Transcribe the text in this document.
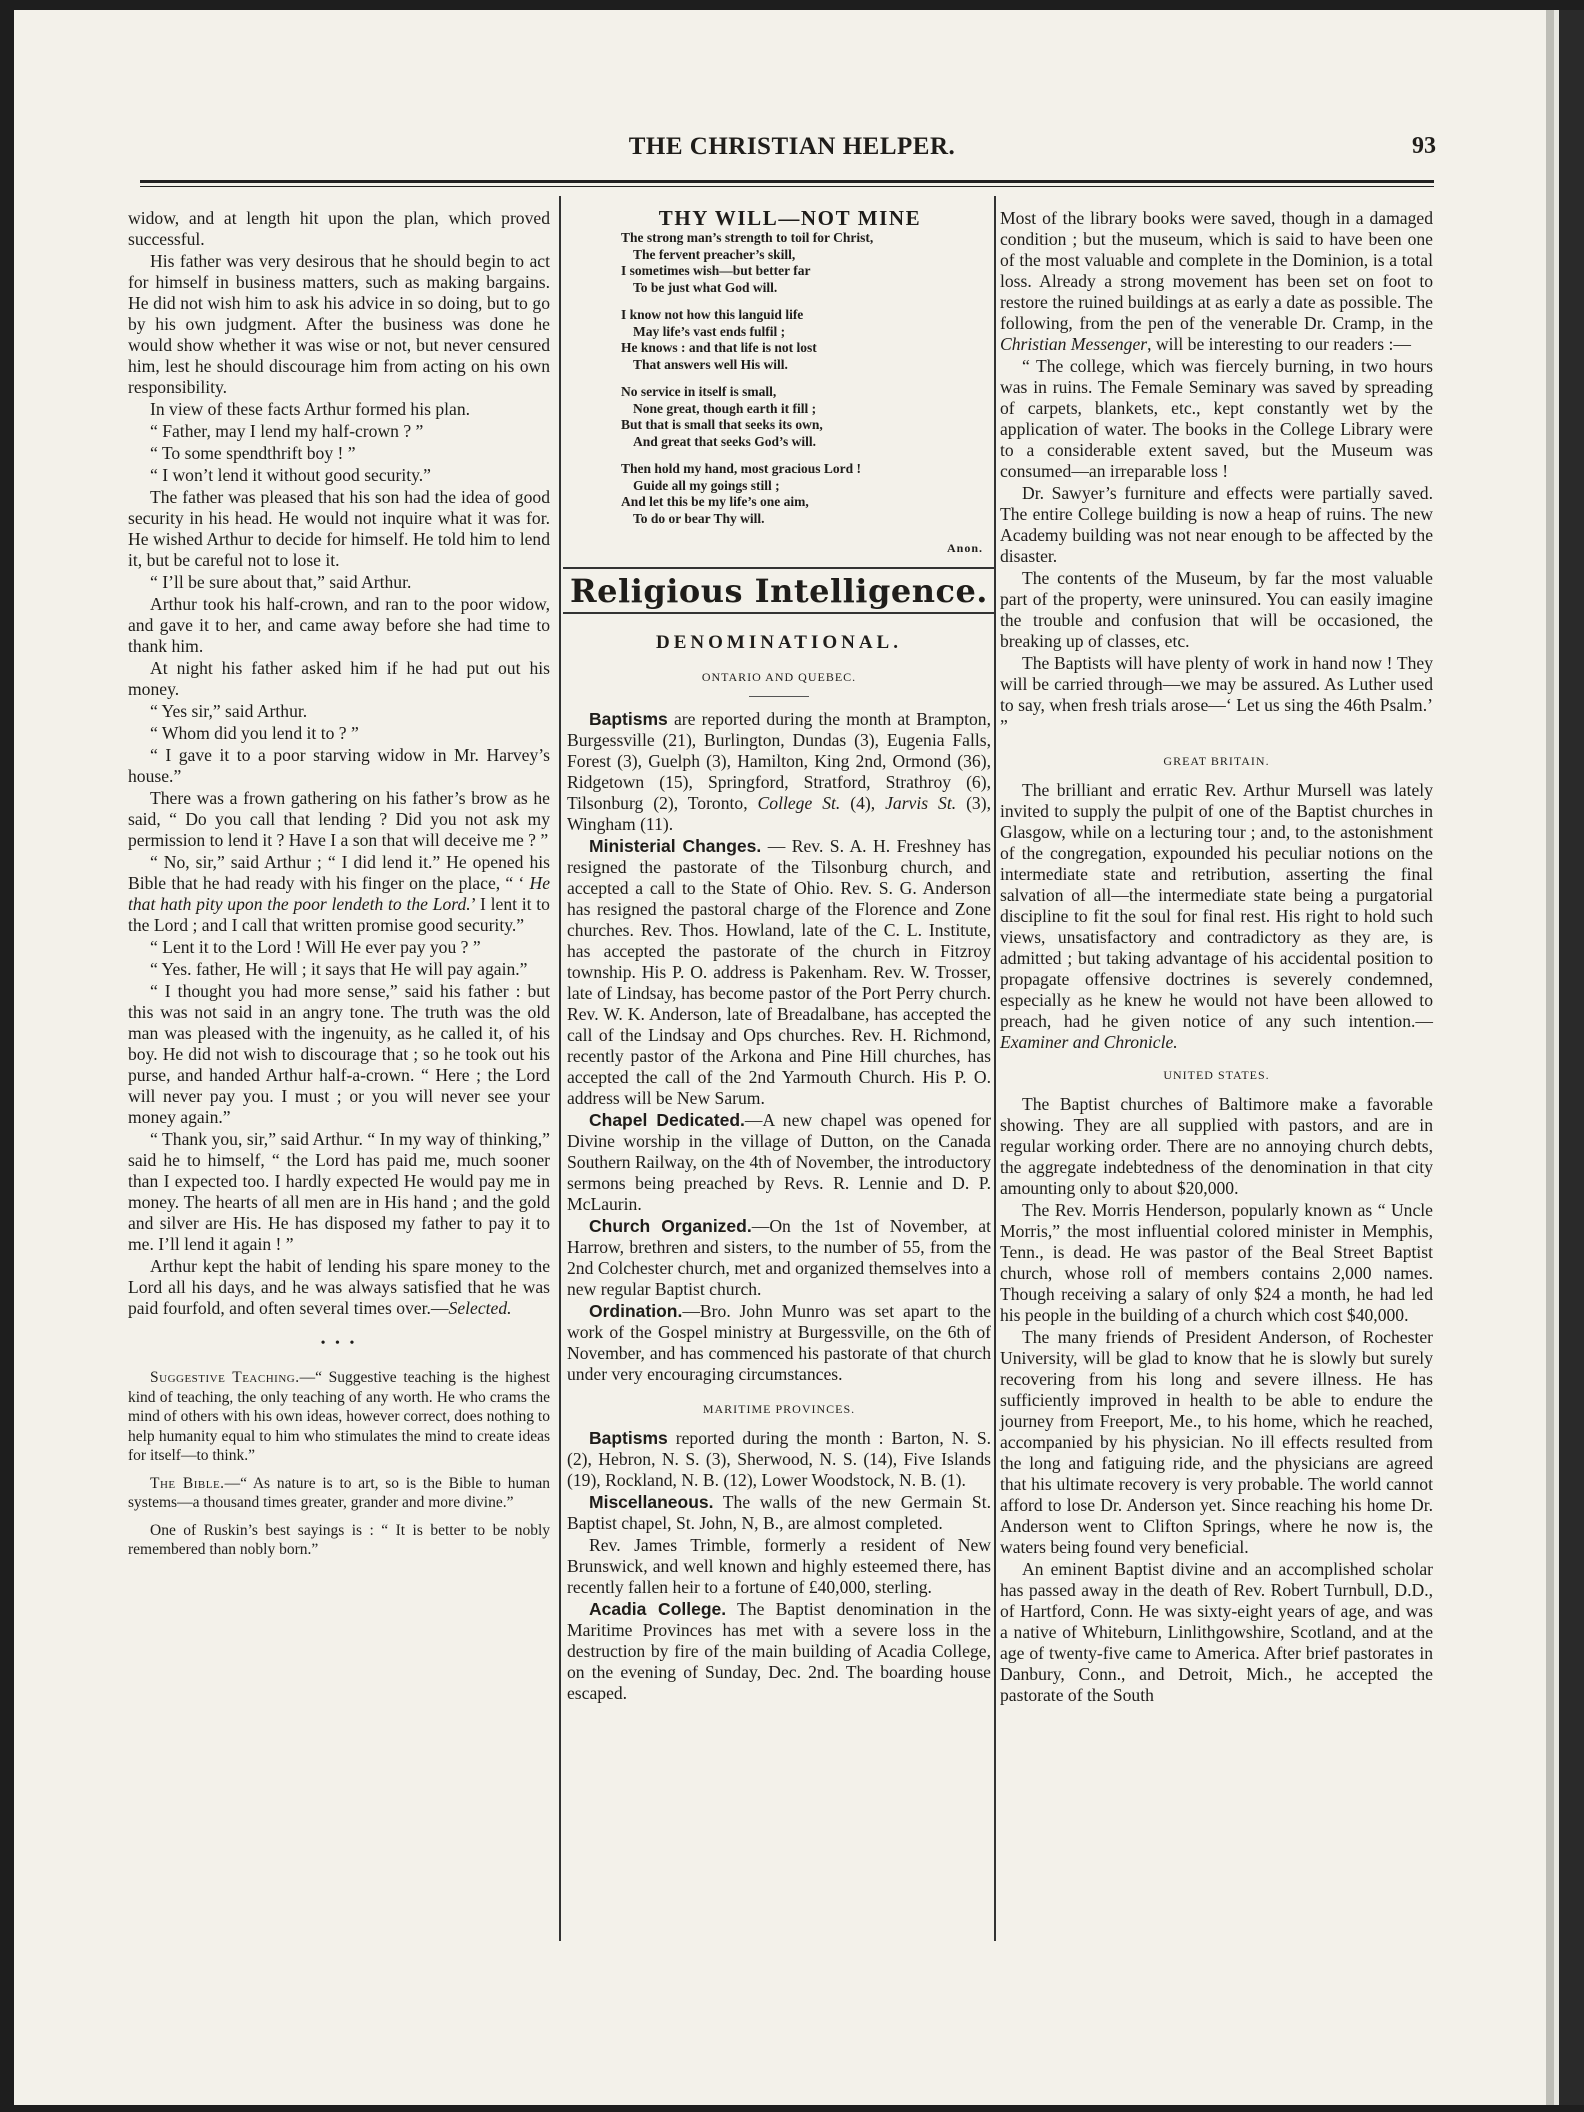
THE CHRISTIAN HELPER.	93

widow, and at length hit upon the plan, which proved successful.

His father was very desirous that he should begin to act for himself in business matters, such as making bargains. He did not wish him to ask his advice in so doing, but to go by his own judgment. After the business was done he would show whether it was wise or not, but never censured him, lest he should discourage him from acting on his own responsibility.

In view of these facts Arthur formed his plan.

“ Father, may I lend my half-crown ? ”

“ To some spendthrift boy ! ”

“ I won’t lend it without good security.”

The father was pleased that his son had the idea of good security in his head. He would not inquire what it was for. He wished Arthur to decide for himself. He told him to lend it, but be careful not to lose it.

“ I’ll be sure about that,” said Arthur.

Arthur took his half-crown, and ran to the poor widow, and gave it to her, and came away before she had time to thank him.

At night his father asked him if he had put out his money.

“ Yes sir,” said Arthur.

“ Whom did you lend it to ? ”

“ I gave it to a poor starving widow in Mr. Harvey’s house.”

There was a frown gathering on his father’s brow as he said, “ Do you call that lending ? Did you not ask my permission to lend it ? Have I a son that will deceive me ? ”

“ No, sir,” said Arthur ; “ I did lend it.” He opened his Bible that he had ready with his finger on the place, “ ‘ He that hath pity upon the poor lendeth to the Lord.’ I lent it to the Lord ; and I call that written promise good security.”

“ Lent it to the Lord ! Will He ever pay you ? ”

“ Yes. father, He will ; it says that He will pay again.”

“ I thought you had more sense,” said his father : but this was not said in an angry tone. The truth was the old man was pleased with the ingenuity, as he called it, of his boy. He did not wish to discourage that ; so he took out his purse, and handed Arthur half-a-crown. “ Here ; the Lord will never pay you. I must ; or you will never see your money again.”

“ Thank you, sir,” said Arthur. “ In my way of thinking,” said he to himself, “ the Lord has paid me, much sooner than I expected too. I hardly expected He would pay me in money. The hearts of all men are in His hand ; and the gold and silver are His. He has disposed my father to pay it to me. I’ll lend it again ! ”

Arthur kept the habit of lending his spare money to the Lord all his days, and he was always satisfied that he was paid fourfold, and often several times over.—Selected.

• • •

Suggestive Teaching.—“ Suggestive teaching is the highest kind of teaching, the only teaching of any worth. He who crams the mind of others with his own ideas, however correct, does nothing to help humanity equal to him who stimulates the mind to create ideas for itself—to think.”

The Bible.—“ As nature is to art, so is the Bible to human systems—a thousand times greater, grander and more divine.”

One of Ruskin’s best sayings is : “ It is better to be nobly remembered than nobly born.”

THY WILL—NOT MINE

The strong man’s strength to toil for Christ,
The fervent preacher’s skill,
I sometimes wish—but better far
To be just what God will.
I know not how this languid life
May life’s vast ends fulfil ;
He knows : and that life is not lost
That answers well His will.
No service in itself is small,
None great, though earth it fill ;
But that is small that seeks its own,
And great that seeks God’s will.
Then hold my hand, most gracious Lord !
Guide all my goings still ;
And let this be my life’s one aim,
To do or bear Thy will.
Anon.
Religious Intelligence.
DENOMINATIONAL.
ONTARIO AND QUEBEC.

Baptisms are reported during the month at Brampton, Burgessville (21), Burlington, Dundas (3), Eugenia Falls, Forest (3), Guelph (3), Hamilton, King 2nd, Ormond (36), Ridgetown (15), Springford, Stratford, Strathroy (6), Tilsonburg (2), Toronto, College St. (4), Jarvis St. (3), Wingham (11).

Ministerial Changes. — Rev. S. A. H. Freshney has resigned the pastorate of the Tilsonburg church, and accepted a call to the State of Ohio. Rev. S. G. Anderson has resigned the pastoral charge of the Florence and Zone churches. Rev. Thos. Howland, late of the C. L. Institute, has accepted the pastorate of the church in Fitzroy township. His P. O. address is Pakenham. Rev. W. Trosser, late of Lindsay, has become pastor of the Port Perry church. Rev. W. K. Anderson, late of Breadalbane, has accepted the call of the Lindsay and Ops churches. Rev. H. Richmond, recently pastor of the Arkona and Pine Hill churches, has accepted the call of the 2nd Yarmouth Church. His P. O. address will be New Sarum.

Chapel Dedicated.—A new chapel was opened for Divine worship in the village of Dutton, on the Canada Southern Railway, on the 4th of November, the introductory sermons being preached by Revs. R. Lennie and D. P. McLaurin.

Church Organized.—On the 1st of November, at Harrow, brethren and sisters, to the number of 55, from the 2nd Colchester church, met and organized themselves into a new regular Baptist church.

Ordination.—Bro. John Munro was set apart to the work of the Gospel ministry at Burgessville, on the 6th of November, and has commenced his pastorate of that church under very encouraging circumstances.

MARITIME PROVINCES.

Baptisms reported during the month : Barton, N. S. (2), Hebron, N. S. (3), Sherwood, N. S. (14), Five Islands (19), Rockland, N. B. (12), Lower Woodstock, N. B. (1).

Miscellaneous. The walls of the new Germain St. Baptist chapel, St. John, N, B., are almost completed.

Rev. James Trimble, formerly a resident of New Brunswick, and well known and highly esteemed there, has recently fallen heir to a fortune of £40,000, sterling.

Acadia College. The Baptist denomination in the Maritime Provinces has met with a severe loss in the destruction by fire of the main building of Acadia College, on the evening of Sunday, Dec. 2nd. The boarding house escaped.

Most of the library books were saved, though in a damaged condition ; but the museum, which is said to have been one of the most valuable and complete in the Dominion, is a total loss. Already a strong movement has been set on foot to restore the ruined buildings at as early a date as possible. The following, from the pen of the venerable Dr. Cramp, in the Christian Messenger, will be interesting to our readers :—

“ The college, which was fiercely burning, in two hours was in ruins. The Female Seminary was saved by spreading of carpets, blankets, etc., kept constantly wet by the application of water. The books in the College Library were to a considerable extent saved, but the Museum was consumed—an irreparable loss !

Dr. Sawyer’s furniture and effects were partially saved. The entire College building is now a heap of ruins. The new Academy building was not near enough to be affected by the disaster.

The contents of the Museum, by far the most valuable part of the property, were uninsured. You can easily imagine the trouble and confusion that will be occasioned, the breaking up of classes, etc.

The Baptists will have plenty of work in hand now ! They will be carried through—we may be assured. As Luther used to say, when fresh trials arose—‘ Let us sing the 46th Psalm.’ ”

GREAT BRITAIN.

The brilliant and erratic Rev. Arthur Mursell was lately invited to supply the pulpit of one of the Baptist churches in Glasgow, while on a lecturing tour ; and, to the astonishment of the congregation, expounded his peculiar notions on the intermediate state and retribution, asserting the final salvation of all—the intermediate state being a purgatorial discipline to fit the soul for final rest. His right to hold such views, unsatisfactory and contradictory as they are, is admitted ; but taking advantage of his accidental position to propagate offensive doctrines is severely condemned, especially as he knew he would not have been allowed to preach, had he given notice of any such intention.—Examiner and Chronicle.

UNITED STATES.

The Baptist churches of Baltimore make a favorable showing. They are all supplied with pastors, and are in regular working order. There are no annoying church debts, the aggregate indebtedness of the denomination in that city amounting only to about $20,000.

The Rev. Morris Henderson, popularly known as “ Uncle Morris,” the most influential colored minister in Memphis, Tenn., is dead. He was pastor of the Beal Street Baptist church, whose roll of members contains 2,000 names. Though receiving a salary of only $24 a month, he had led his people in the building of a church which cost $40,000.

The many friends of President Anderson, of Rochester University, will be glad to know that he is slowly but surely recovering from his long and severe illness. He has sufficiently improved in health to be able to endure the journey from Freeport, Me., to his home, which he reached, accompanied by his physician. No ill effects resulted from the long and fatiguing ride, and the physicians are agreed that his ultimate recovery is very probable. The world cannot afford to lose Dr. Anderson yet. Since reaching his home Dr. Anderson went to Clifton Springs, where he now is, the waters being found very beneficial.

An eminent Baptist divine and an accomplished scholar has passed away in the death of Rev. Robert Turnbull, D.D., of Hartford, Conn. He was sixty-eight years of age, and was a native of Whiteburn, Linlithgowshire, Scotland, and at the age of twenty-five came to America. After brief pastorates in Danbury, Conn., and Detroit, Mich., he accepted the pastorate of the South
